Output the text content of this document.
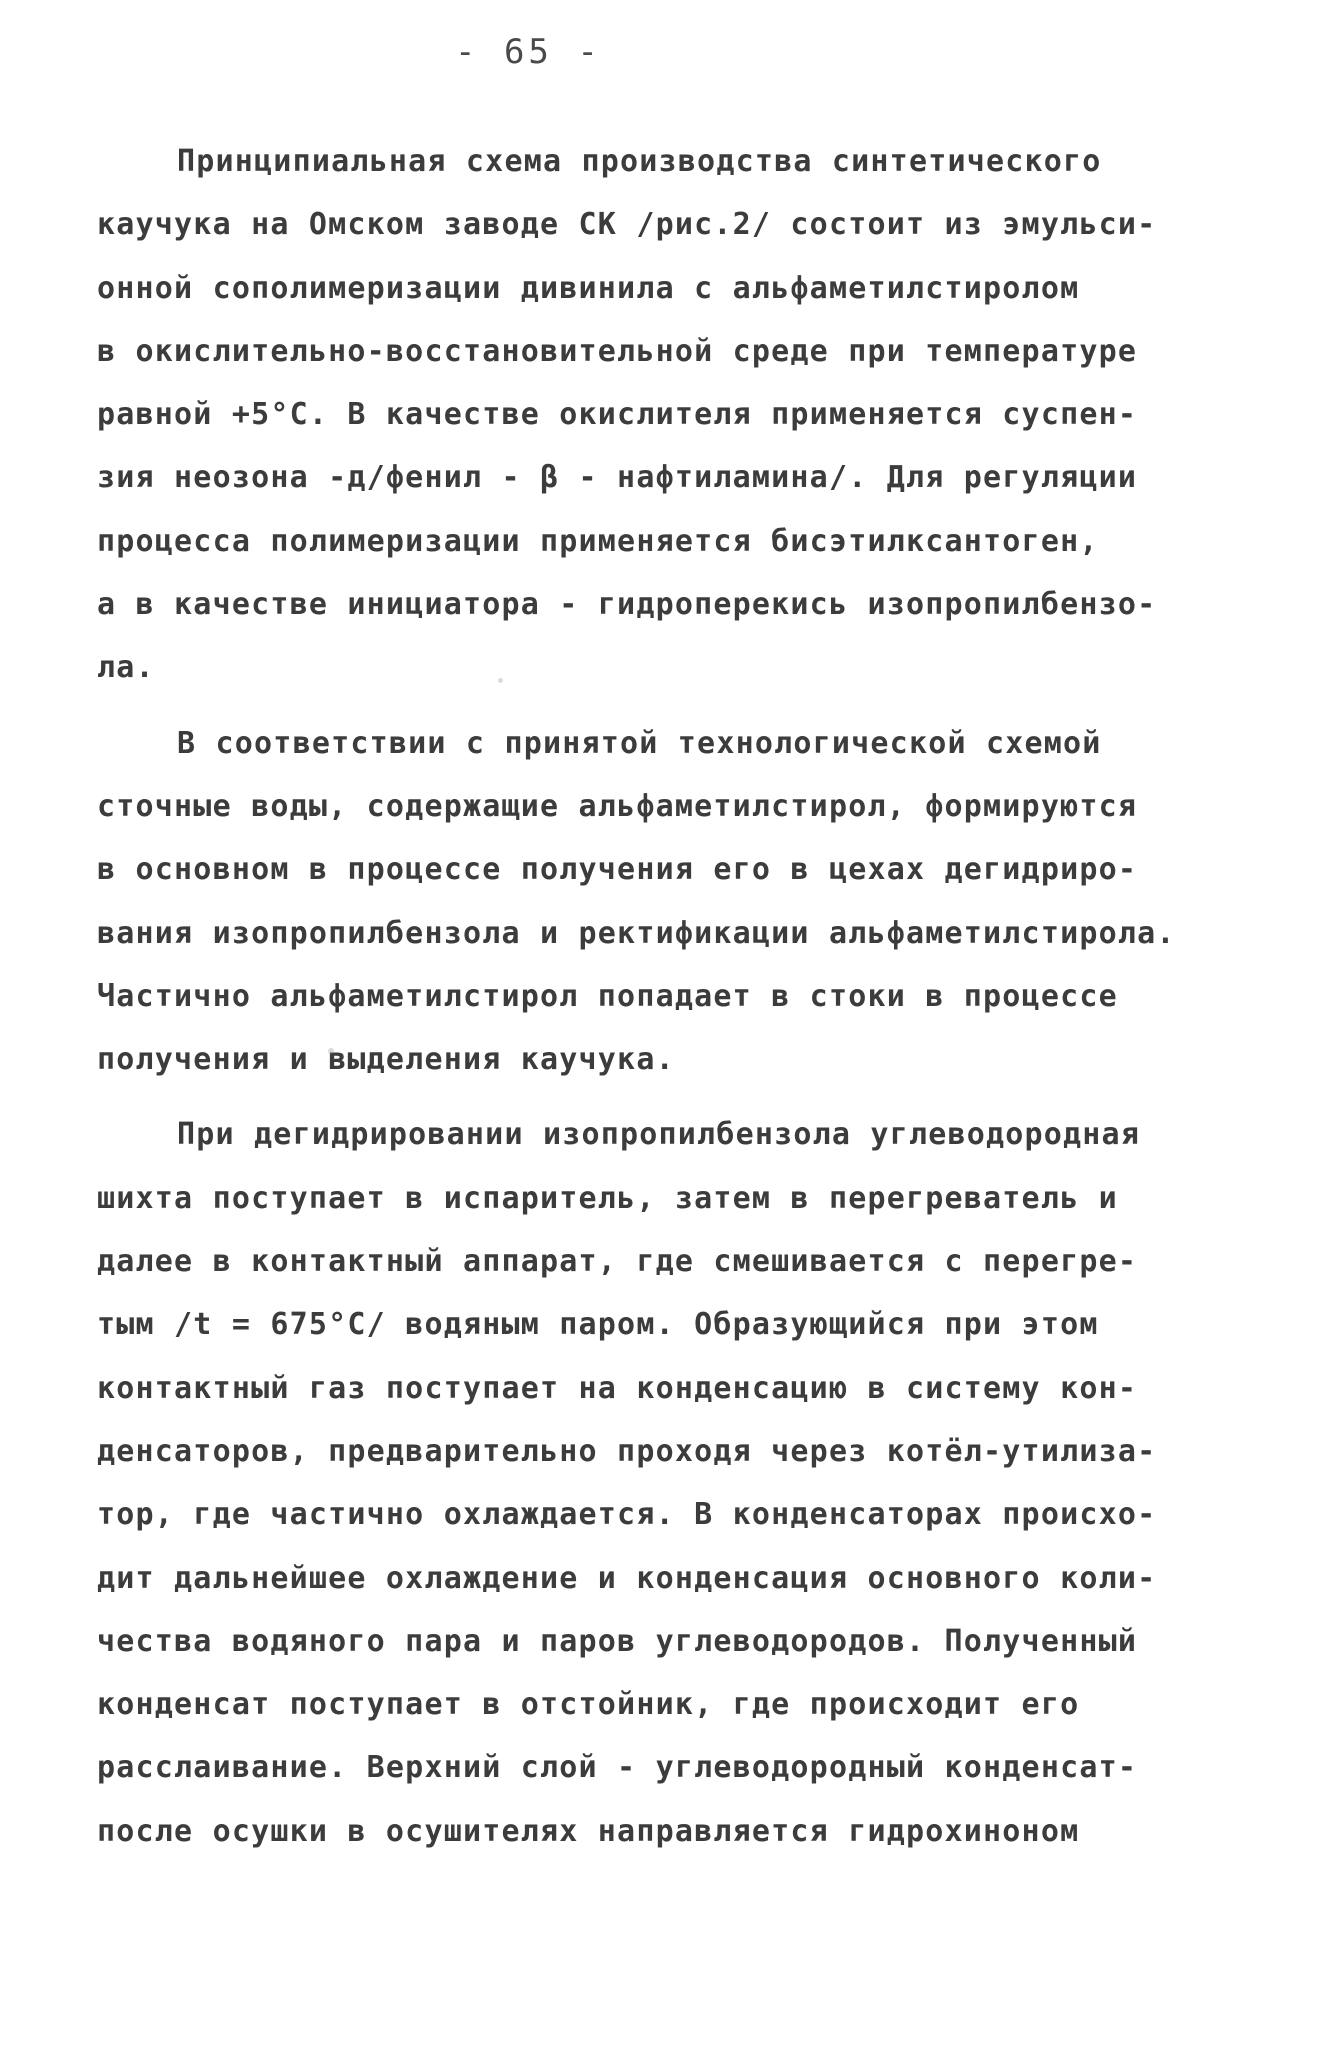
- 65 -
Принципиальная схема производства синтетического
каучука на Омском заводе СК /рис.2/ состоит из эмульси-
онной сополимеризации дивинила с альфаметилстиролом
в окислительно-восстановительной среде при температуре
равной +5°С. В качестве окислителя применяется суспен-
зия неозона -д/фенил - β - нафтиламина/. Для регуляции
процесса полимеризации применяется бисэтилксантоген,
а в качестве инициатора - гидроперекись изопропилбензо-
ла.
В соответствии с принятой технологической схемой
сточные воды, содержащие альфаметилстирол, формируются
в основном в процессе получения его в цехах дегидриро-
вания изопропилбензола и ректификации альфаметилстирола.
Частично альфаметилстирол попадает в стоки в процессе
получения и выделения каучука.
При дегидрировании изопропилбензола углеводородная
шихта поступает в испаритель, затем в перегреватель и
далее в контактный аппарат, где смешивается с перегре-
тым /t = 675°С/ водяным паром. Образующийся при этом
контактный газ поступает на конденсацию в систему кон-
денсаторов, предварительно проходя через котёл-утилиза-
тор, где частично охлаждается. В конденсаторах происхо-
дит дальнейшее охлаждение и конденсация основного коли-
чества водяного пара и паров углеводородов. Полученный
конденсат поступает в отстойник, где происходит его
расслаивание. Верхний слой - углеводородный конденсат-
после осушки в осушителях направляется гидрохиноном
